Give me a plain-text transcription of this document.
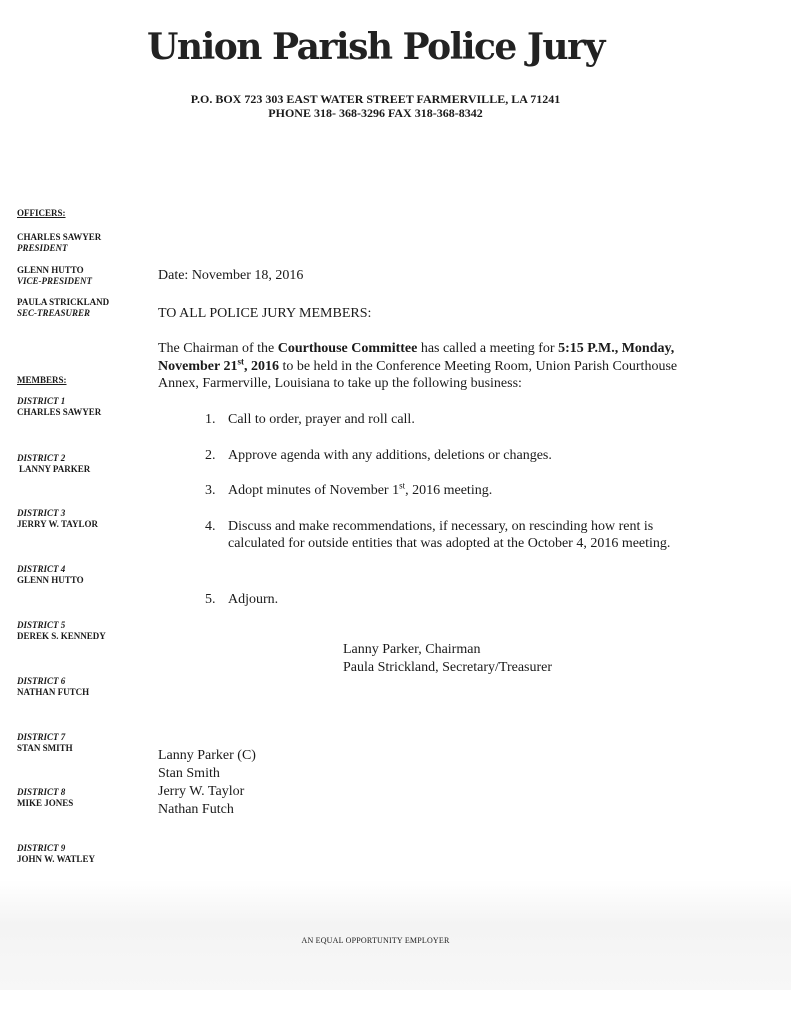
Union Parish Police Jury
P.O. BOX 723 303 EAST WATER STREET FARMERVILLE, LA 71241
PHONE 318- 368-3296 FAX 318-368-8342
OFFICERS:
CHARLES SAWYER
PRESIDENT
GLENN HUTTO
VICE-PRESIDENT
PAULA STRICKLAND
SEC-TREASURER
MEMBERS:
DISTRICT 1
CHARLES SAWYER
DISTRICT 2
LANNY PARKER
DISTRICT 3
JERRY W. TAYLOR
DISTRICT 4
GLENN HUTTO
DISTRICT 5
DEREK S. KENNEDY
DISTRICT 6
NATHAN FUTCH
DISTRICT 7
STAN SMITH
DISTRICT 8
MIKE JONES
DISTRICT 9
JOHN W. WATLEY
Date: November 18, 2016
TO ALL POLICE JURY MEMBERS:
The Chairman of the Courthouse Committee has called a meeting for 5:15 P.M., Monday, November 21st, 2016 to be held in the Conference Meeting Room, Union Parish Courthouse Annex, Farmerville, Louisiana to take up the following business:
1. Call to order, prayer and roll call.
2. Approve agenda with any additions, deletions or changes.
3. Adopt minutes of November 1st, 2016 meeting.
4. Discuss and make recommendations, if necessary, on rescinding how rent is calculated for outside entities that was adopted at the October 4, 2016 meeting.
5. Adjourn.
Lanny Parker, Chairman
Paula Strickland, Secretary/Treasurer
Lanny Parker (C)
Stan Smith
Jerry W. Taylor
Nathan Futch
AN EQUAL OPPORTUNITY EMPLOYER
